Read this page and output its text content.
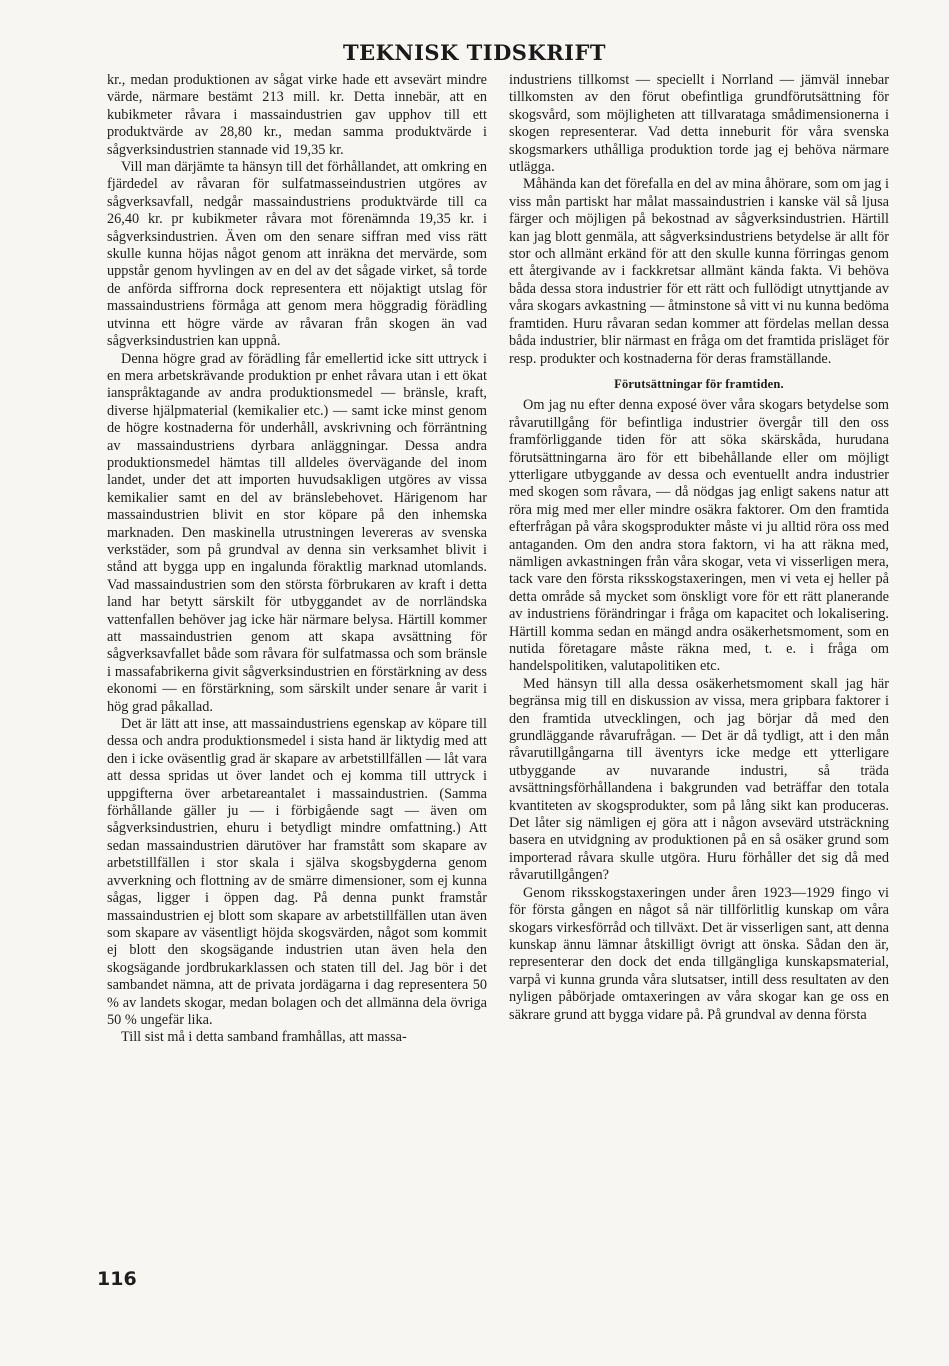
TEKNISK TIDSKRIFT

kr., medan produktionen av sågat virke hade ett avsevärt mindre värde, närmare bestämt 213 mill. kr. Detta innebär, att en kubikmeter råvara i massaindustrien gav upphov till ett produktvärde av 28,80 kr., medan samma produktvärde i sågverksindustrien stannade vid 19,35 kr.

Vill man därjämte ta hänsyn till det förhållandet, att omkring en fjärdedel av råvaran för sulfatmasseindustrien utgöres av sågverksavfall, nedgår massaindustriens produktvärde till ca 26,40 kr. pr kubikmeter råvara mot förenämnda 19,35 kr. i sågverksindustrien. Även om den senare siffran med viss rätt skulle kunna höjas något genom att inräkna det mervärde, som uppstår genom hyvlingen av en del av det sågade virket, så torde de anförda siffrorna dock representera ett nöjaktigt utslag för massaindustriens förmåga att genom mera höggradig förädling utvinna ett högre värde av råvaran från skogen än vad sågverksindustrien kan uppnå.

Denna högre grad av förädling får emellertid icke sitt uttryck i en mera arbetskrävande produktion pr enhet råvara utan i ett ökat ianspråktagande av andra produktionsmedel — bränsle, kraft, diverse hjälpmaterial (kemikalier etc.) — samt icke minst genom de högre kostnaderna för underhåll, avskrivning och förräntning av massaindustriens dyrbara anläggningar. Dessa andra produktionsmedel hämtas till alldeles övervägande del inom landet, under det att importen huvudsakligen utgöres av vissa kemikalier samt en del av bränslebehovet. Härigenom har massaindustrien blivit en stor köpare på den inhemska marknaden. Den maskinella utrustningen levereras av svenska verkstäder, som på grundval av denna sin verksamhet blivit i stånd att bygga upp en ingalunda föraktlig marknad utomlands. Vad massaindustrien som den största förbrukaren av kraft i detta land har betytt särskilt för utbyggandet av de norrländska vattenfallen behöver jag icke här närmare belysa. Härtill kommer att massaindustrien genom att skapa avsättning för sågverksavfallet både som råvara för sulfatmassa och som bränsle i massafabrikerna givit sågverksindustrien en förstärkning av dess ekonomi — en förstärkning, som särskilt under senare år varit i hög grad påkallad.

Det är lätt att inse, att massaindustriens egenskap av köpare till dessa och andra produktionsmedel i sista hand är liktydig med att den i icke oväsentlig grad är skapare av arbetstillfällen — låt vara att dessa spridas ut över landet och ej komma till uttryck i uppgifterna över arbetareantalet i massaindustrien. (Samma förhållande gäller ju — i förbigående sagt — även om sågverksindustrien, ehuru i betydligt mindre omfattning.) Att sedan massaindustrien därutöver har framstått som skapare av arbetstillfällen i stor skala i själva skogsbygderna genom avverkning och flottning av de smärre dimensioner, som ej kunna sågas, ligger i öppen dag. På denna punkt framstår massaindustrien ej blott som skapare av arbetstillfällen utan även som skapare av väsentligt höjda skogsvärden, något som kommit ej blott den skogsägande industrien utan även hela den skogsägande jordbrukarklassen och staten till del. Jag bör i det sambandet nämna, att de privata jordägarna i dag representera 50 % av landets skogar, medan bolagen och det allmänna dela övriga 50 % ungefär lika.

Till sist må i detta samband framhållas, att massa-

industriens tillkomst — speciellt i Norrland — jämväl innebar tillkomsten av den förut obefintliga grundförutsättning för skogsvård, som möjligheten att tillvarataga smådimensionerna i skogen representerar. Vad detta inneburit för våra svenska skogsmarkers uthålliga produktion torde jag ej behöva närmare utlägga.

Måhända kan det förefalla en del av mina åhörare, som om jag i viss mån partiskt har målat massaindustrien i kanske väl så ljusa färger och möjligen på bekostnad av sågverksindustrien. Härtill kan jag blott genmäla, att sågverksindustriens betydelse är allt för stor och allmänt erkänd för att den skulle kunna förringas genom ett återgivande av i fackkretsar allmänt kända fakta. Vi behöva båda dessa stora industrier för ett rätt och fullödigt utnyttjande av våra skogars avkastning — åtminstone så vitt vi nu kunna bedöma framtiden. Huru råvaran sedan kommer att fördelas mellan dessa båda industrier, blir närmast en fråga om det framtida prisläget för resp. produkter och kostnaderna för deras framställande.

Förutsättningar för framtiden.

Om jag nu efter denna exposé över våra skogars betydelse som råvarutillgång för befintliga industrier övergår till den oss framförliggande tiden för att söka skärskåda, hurudana förutsättningarna äro för ett bibehållande eller om möjligt ytterligare utbyggande av dessa och eventuellt andra industrier med skogen som råvara, — då nödgas jag enligt sakens natur att röra mig med mer eller mindre osäkra faktorer. Om den framtida efterfrågan på våra skogsprodukter måste vi ju alltid röra oss med antaganden. Om den andra stora faktorn, vi ha att räkna med, nämligen avkastningen från våra skogar, veta vi visserligen mera, tack vare den första riksskogstaxeringen, men vi veta ej heller på detta område så mycket som önskligt vore för ett rätt planerande av industriens förändringar i fråga om kapacitet och lokalisering. Härtill komma sedan en mängd andra osäkerhetsmoment, som en nutida företagare måste räkna med, t. e. i fråga om handelspolitiken, valutapolitiken etc.

Med hänsyn till alla dessa osäkerhetsmoment skall jag här begränsa mig till en diskussion av vissa, mera gripbara faktorer i den framtida utvecklingen, och jag börjar då med den grundläggande råvarufrågan. — Det är då tydligt, att i den mån råvarutillgångarna till äventyrs icke medge ett ytterligare utbyggande av nuvarande industri, så träda avsättningsförhållandena i bakgrunden vad beträffar den totala kvantiteten av skogsprodukter, som på lång sikt kan produceras. Det låter sig nämligen ej göra att i någon avsevärd utsträckning basera en utvidgning av produktionen på en så osäker grund som importerad råvara skulle utgöra. Huru förhåller det sig då med råvarutillgången?

Genom riksskogstaxeringen under åren 1923—1929 fingo vi för första gången en något så när tillförlitlig kunskap om våra skogars virkesförråd och tillväxt. Det är visserligen sant, att denna kunskap ännu lämnar åtskilligt övrigt att önska. Sådan den är, representerar den dock det enda tillgängliga kunskapsmaterial, varpå vi kunna grunda våra slutsatser, intill dess resultaten av den nyligen påbörjade omtaxeringen av våra skogar kan ge oss en säkrare grund att bygga vidare på. På grundval av denna första

116
